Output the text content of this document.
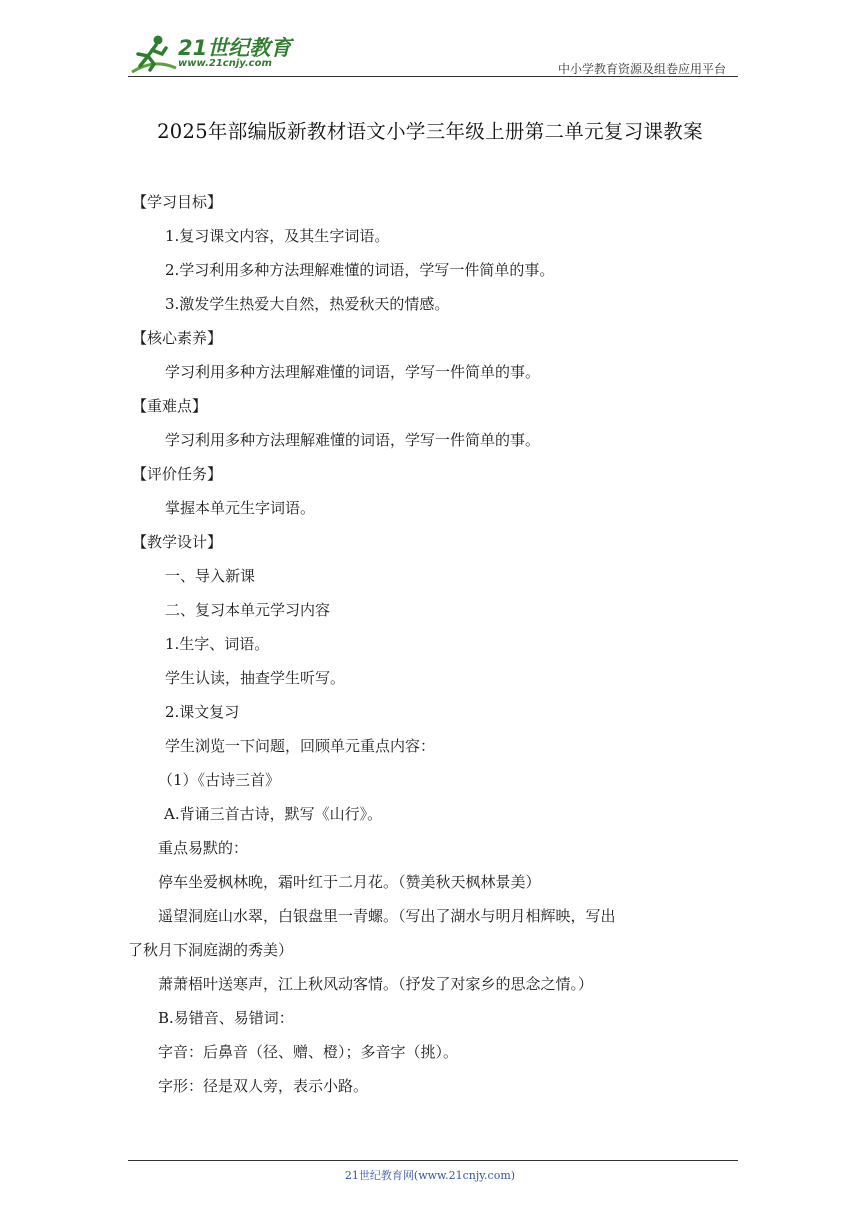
21世纪教育
www.21cnjy.com	中小学教育资源及组卷应用平台
2025年部编版新教材语文小学三年级上册第二单元复习课教案
【学习目标】
1.复习课文内容，及其生字词语。
2.学习利用多种方法理解难懂的词语，学写一件简单的事。
3.激发学生热爱大自然，热爱秋天的情感。
【核心素养】
学习利用多种方法理解难懂的词语，学写一件简单的事。
【重难点】
学习利用多种方法理解难懂的词语，学写一件简单的事。
【评价任务】
掌握本单元生字词语。
【教学设计】
一、导入新课
二、复习本单元学习内容
1.生字、词语。
学生认读，抽查学生听写。
2.课文复习
学生浏览一下问题，回顾单元重点内容：
（1）《古诗三首》
A.背诵三首古诗，默写《山行》。
重点易默的：
停车坐爱枫林晚，霜叶红于二月花。（赞美秋天枫林景美）
遥望洞庭山水翠，白银盘里一青螺。（写出了湖水与明月相辉映，写出
了秋月下洞庭湖的秀美）
萧萧梧叶送寒声，江上秋风动客情。（抒发了对家乡的思念之情。）
B.易错音、易错词：
字音：后鼻音（径、赠、橙）；多音字（挑）。
字形：径是双人旁，表示小路。
21世纪教育网(www.21cnjy.com)
